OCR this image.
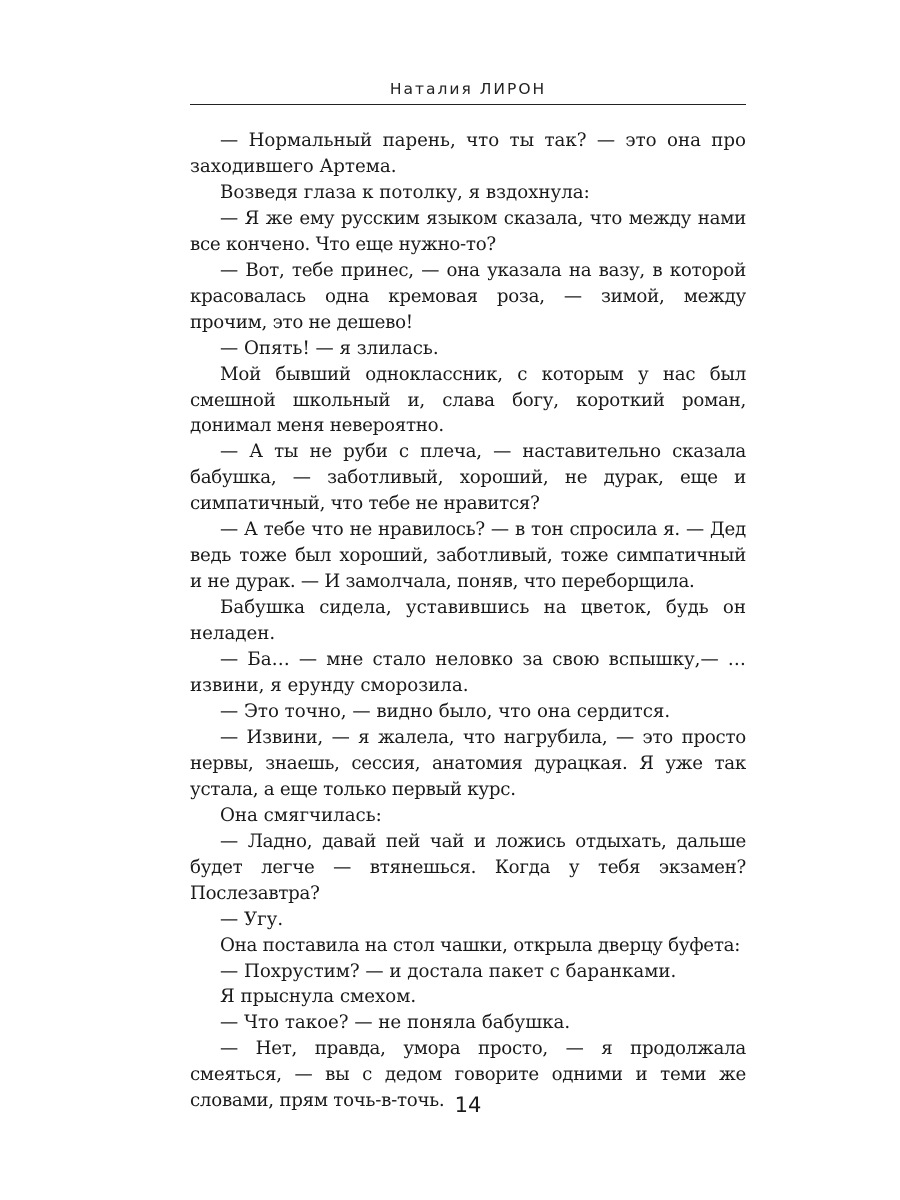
Наталия ЛИРОН

— Нормальный парень, что ты так? — это она про заходившего Артема.

Возведя глаза к потолку, я вздохнула:

— Я же ему русским языком сказала, что между нами все кончено. Что еще нужно-то?

— Вот, тебе принес, — она указала на вазу, в которой красовалась одна кремовая роза, — зимой, между прочим, это не дешево!

— Опять! — я злилась.

Мой бывший одноклассник, с которым у нас был смешной школьный и, слава богу, короткий роман, донимал меня невероятно.

— А ты не руби с плеча, — наставительно сказала бабушка, — заботливый, хороший, не дурак, еще и симпатичный, что тебе не нравится?

— А тебе что не нравилось? — в тон спросила я. — Дед ведь тоже был хороший, заботливый, тоже симпатичный и не дурак. — И замолчала, поняв, что переборщила.

Бабушка сидела, уставившись на цветок, будь он неладен.

— Ба… — мне стало неловко за свою вспышку,— …извини, я ерунду сморозила.

— Это точно, — видно было, что она сердится.

— Извини, — я жалела, что нагрубила, — это просто нервы, знаешь, сессия, анатомия дурацкая. Я уже так устала, а еще только первый курс.

Она смягчилась:

— Ладно, давай пей чай и ложись отдыхать, дальше будет легче — втянешься. Когда у тебя экзамен? Послезавтра?

— Угу.

Она поставила на стол чашки, открыла дверцу буфета:

— Похрустим? — и достала пакет с баранками.

Я прыснула смехом.

— Что такое? — не поняла бабушка.

— Нет, правда, умора просто, — я продолжала смеяться, — вы с дедом говорите одними и теми же словами, прям точь-в-точь. 14
